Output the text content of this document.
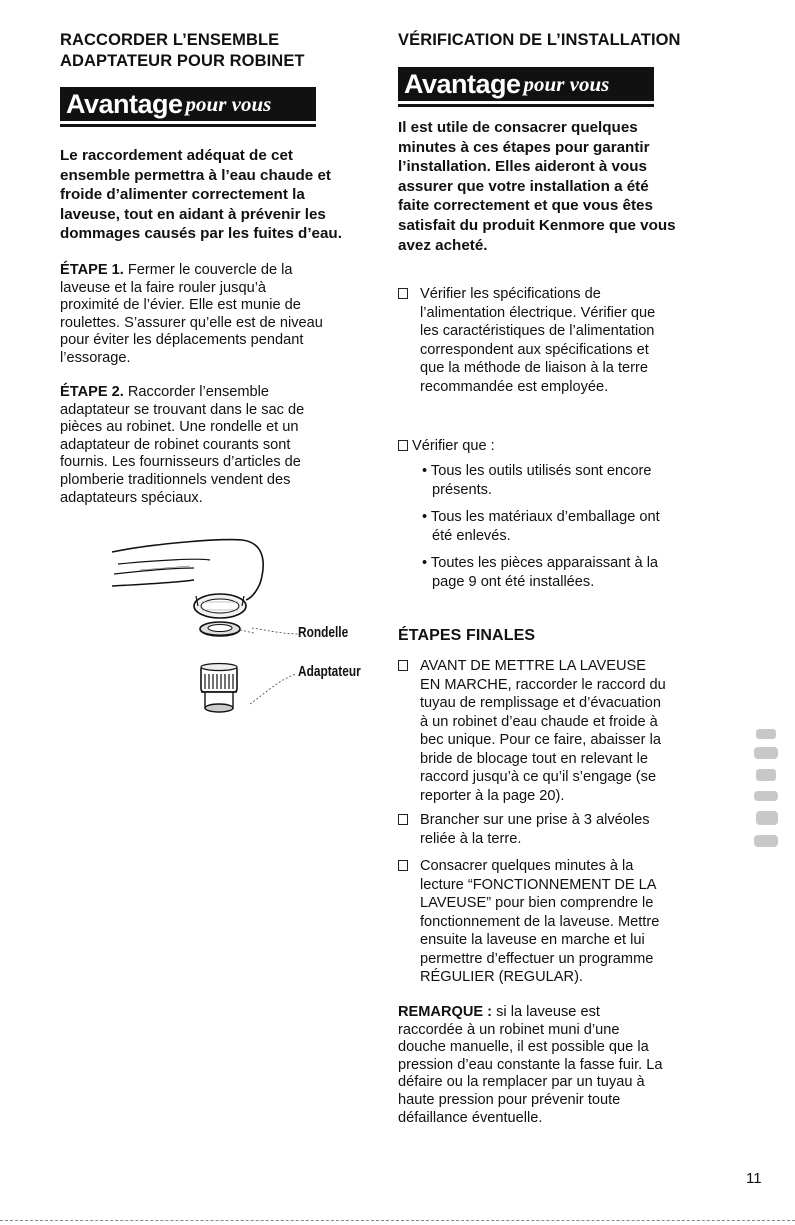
RACCORDER L’ENSEMBLE
ADAPTATEUR POUR ROBINET
Avantage pour vous
Le raccordement adéquat de cet
ensemble permettra à l’eau chaude et
froide d’alimenter correctement la
laveuse, tout en aidant à prévenir les
dommages causés par les fuites d’eau.
ÉTAPE 1. Fermer le couvercle de la
laveuse et la faire rouler jusqu’à
proximité de l’évier. Elle est munie de
roulettes. S’assurer qu’elle est de niveau
pour éviter les déplacements pendant
l’essorage.
ÉTAPE 2. Raccorder l’ensemble
adaptateur se trouvant dans le sac de
pièces au robinet. Une rondelle et un
adaptateur de robinet courants sont
fournis. Les fournisseurs d’articles de
plomberie traditionnels vendent des
adaptateurs spéciaux.
Rondelle
Adaptateur
VÉRIFICATION DE L’INSTALLATION
Avantage pour vous
Il est utile de consacrer quelques
minutes à ces étapes pour garantir
l’installation. Elles aideront à vous
assurer que votre installation a été
faite correctement et que vous êtes
satisfait du produit Kenmore que vous
avez acheté.
Vérifier les spécifications de
l’alimentation électrique. Vérifier que
les caractéristiques de l’alimentation
correspondent aux spécifications et
que la méthode de liaison à la terre
recommandée est employée.
Vérifier que :
• Tous les outils utilisés sont encore
présents.
• Tous les matériaux d’emballage ont
été enlevés.
• Toutes les pièces apparaissant à la
page 9 ont été installées.
ÉTAPES FINALES
AVANT DE METTRE LA LAVEUSE
EN MARCHE, raccorder le raccord du
tuyau de remplissage et d’évacuation
à un robinet d’eau chaude et froide à
bec unique. Pour ce faire, abaisser la
bride de blocage tout en relevant le
raccord jusqu’à ce qu’il s’engage (se
reporter à la page 20).
Brancher sur une prise à 3 alvéoles
reliée à la terre.
Consacrer quelques minutes à la
lecture “FONCTIONNEMENT DE LA
LAVEUSE” pour bien comprendre le
fonctionnement de la laveuse. Mettre
ensuite la laveuse en marche et lui
permettre d’effectuer un programme
RÉGULIER (REGULAR).
REMARQUE : si la laveuse est
raccordée à un robinet muni d’une
douche manuelle, il est possible que la
pression d’eau constante la fasse fuir. La
défaire ou la remplacer par un tuyau à
haute pression pour prévenir toute
défaillance éventuelle.
11
